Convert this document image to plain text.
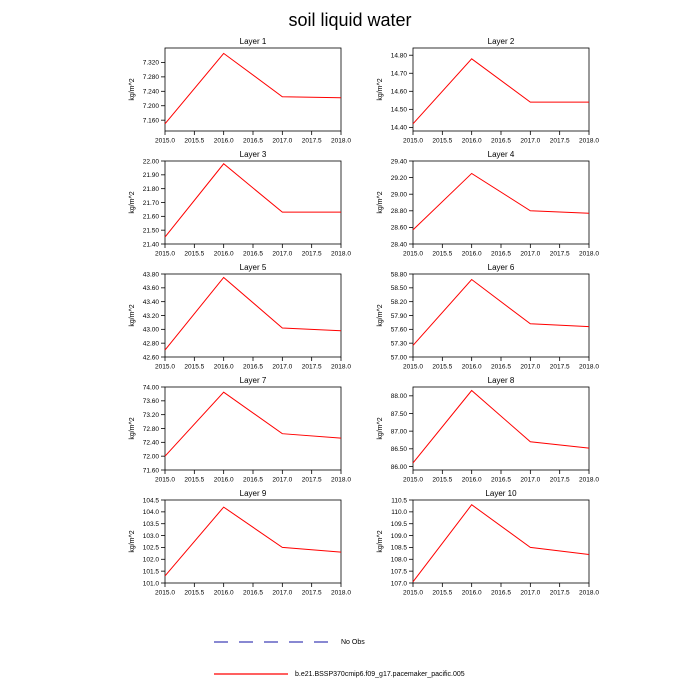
soil liquid water
Layer 1
kg/m^2
7.160
7.200
7.240
7.280
7.320
2015.0 2015.5 2016.0 2016.5 2017.0 2017.5 2018.0
Layer 2
kg/m^2
14.40
14.50
14.60
14.70
14.80
2015.0 2015.5 2016.0 2016.5 2017.0 2017.5 2018.0
Layer 3
kg/m^2
21.40
21.50
21.60
21.70
21.80
21.90
22.00
2015.0 2015.5 2016.0 2016.5 2017.0 2017.5 2018.0
Layer 4
kg/m^2
28.40
28.60
28.80
29.00
29.20
29.40
2015.0 2015.5 2016.0 2016.5 2017.0 2017.5 2018.0
Layer 5
kg/m^2
42.60
42.80
43.00
43.20
43.40
43.60
43.80
2015.0 2015.5 2016.0 2016.5 2017.0 2017.5 2018.0
Layer 6
kg/m^2
57.00
57.30
57.60
57.90
58.20
58.50
58.80
2015.0 2015.5 2016.0 2016.5 2017.0 2017.5 2018.0
Layer 7
kg/m^2
71.60
72.00
72.40
72.80
73.20
73.60
74.00
2015.0 2015.5 2016.0 2016.5 2017.0 2017.5 2018.0
Layer 8
kg/m^2
86.00
86.50
87.00
87.50
88.00
2015.0 2015.5 2016.0 2016.5 2017.0 2017.5 2018.0
Layer 9
kg/m^2
101.0
101.5
102.0
102.5
103.0
103.5
104.0
104.5
2015.0 2015.5 2016.0 2016.5 2017.0 2017.5 2018.0
Layer 10
kg/m^2
107.0
107.5
108.0
108.5
109.0
109.5
110.0
110.5
2015.0 2015.5 2016.0 2016.5 2017.0 2017.5 2018.0
No Obs
b.e21.BSSP370cmip6.f09_g17.pacemaker_pacific.005
